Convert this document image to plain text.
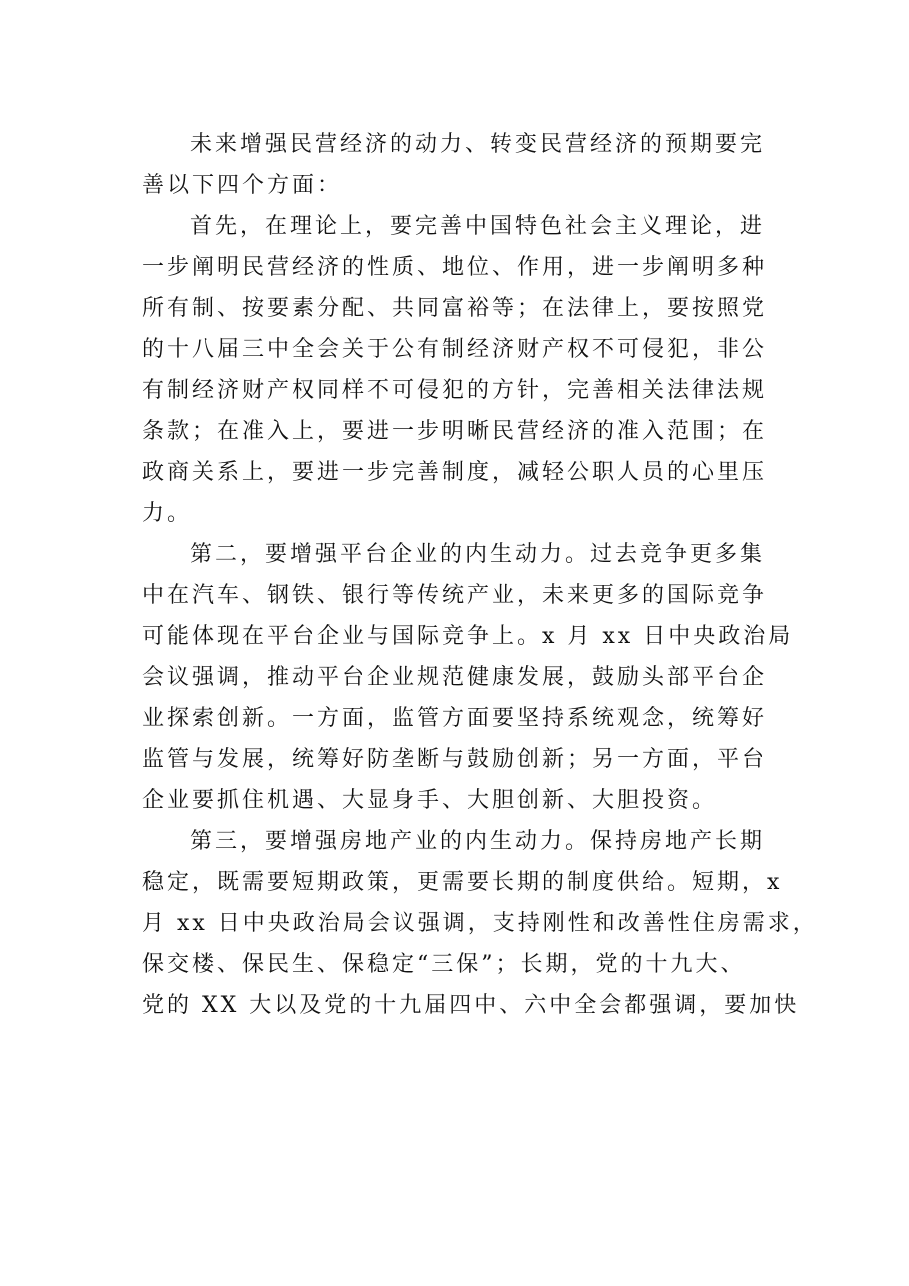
未来增强民营经济的动力、转变民营经济的预期要完
善以下四个方面：
首先，在理论上，要完善中国特色社会主义理论，进
一步阐明民营经济的性质、地位、作用，进一步阐明多种
所有制、按要素分配、共同富裕等；在法律上，要按照党
的十八届三中全会关于公有制经济财产权不可侵犯，非公
有制经济财产权同样不可侵犯的方针，完善相关法律法规
条款；在准入上，要进一步明晰民营经济的准入范围；在
政商关系上，要进一步完善制度，减轻公职人员的心里压
力。
第二，要增强平台企业的内生动力。过去竞争更多集
中在汽车、钢铁、银行等传统产业，未来更多的国际竞争
可能体现在平台企业与国际竞争上。x 月 xx 日中央政治局
会议强调，推动平台企业规范健康发展，鼓励头部平台企
业探索创新。一方面，监管方面要坚持系统观念，统筹好
监管与发展，统筹好防垄断与鼓励创新；另一方面，平台
企业要抓住机遇、大显身手、大胆创新、大胆投资。
第三，要增强房地产业的内生动力。保持房地产长期
稳定，既需要短期政策，更需要长期的制度供给。短期，x
月 xx 日中央政治局会议强调，支持刚性和改善性住房需求，
保交楼、保民生、保稳定“三保”；长期，党的十九大、
党的 XX 大以及党的十九届四中、六中全会都强调，要加快
